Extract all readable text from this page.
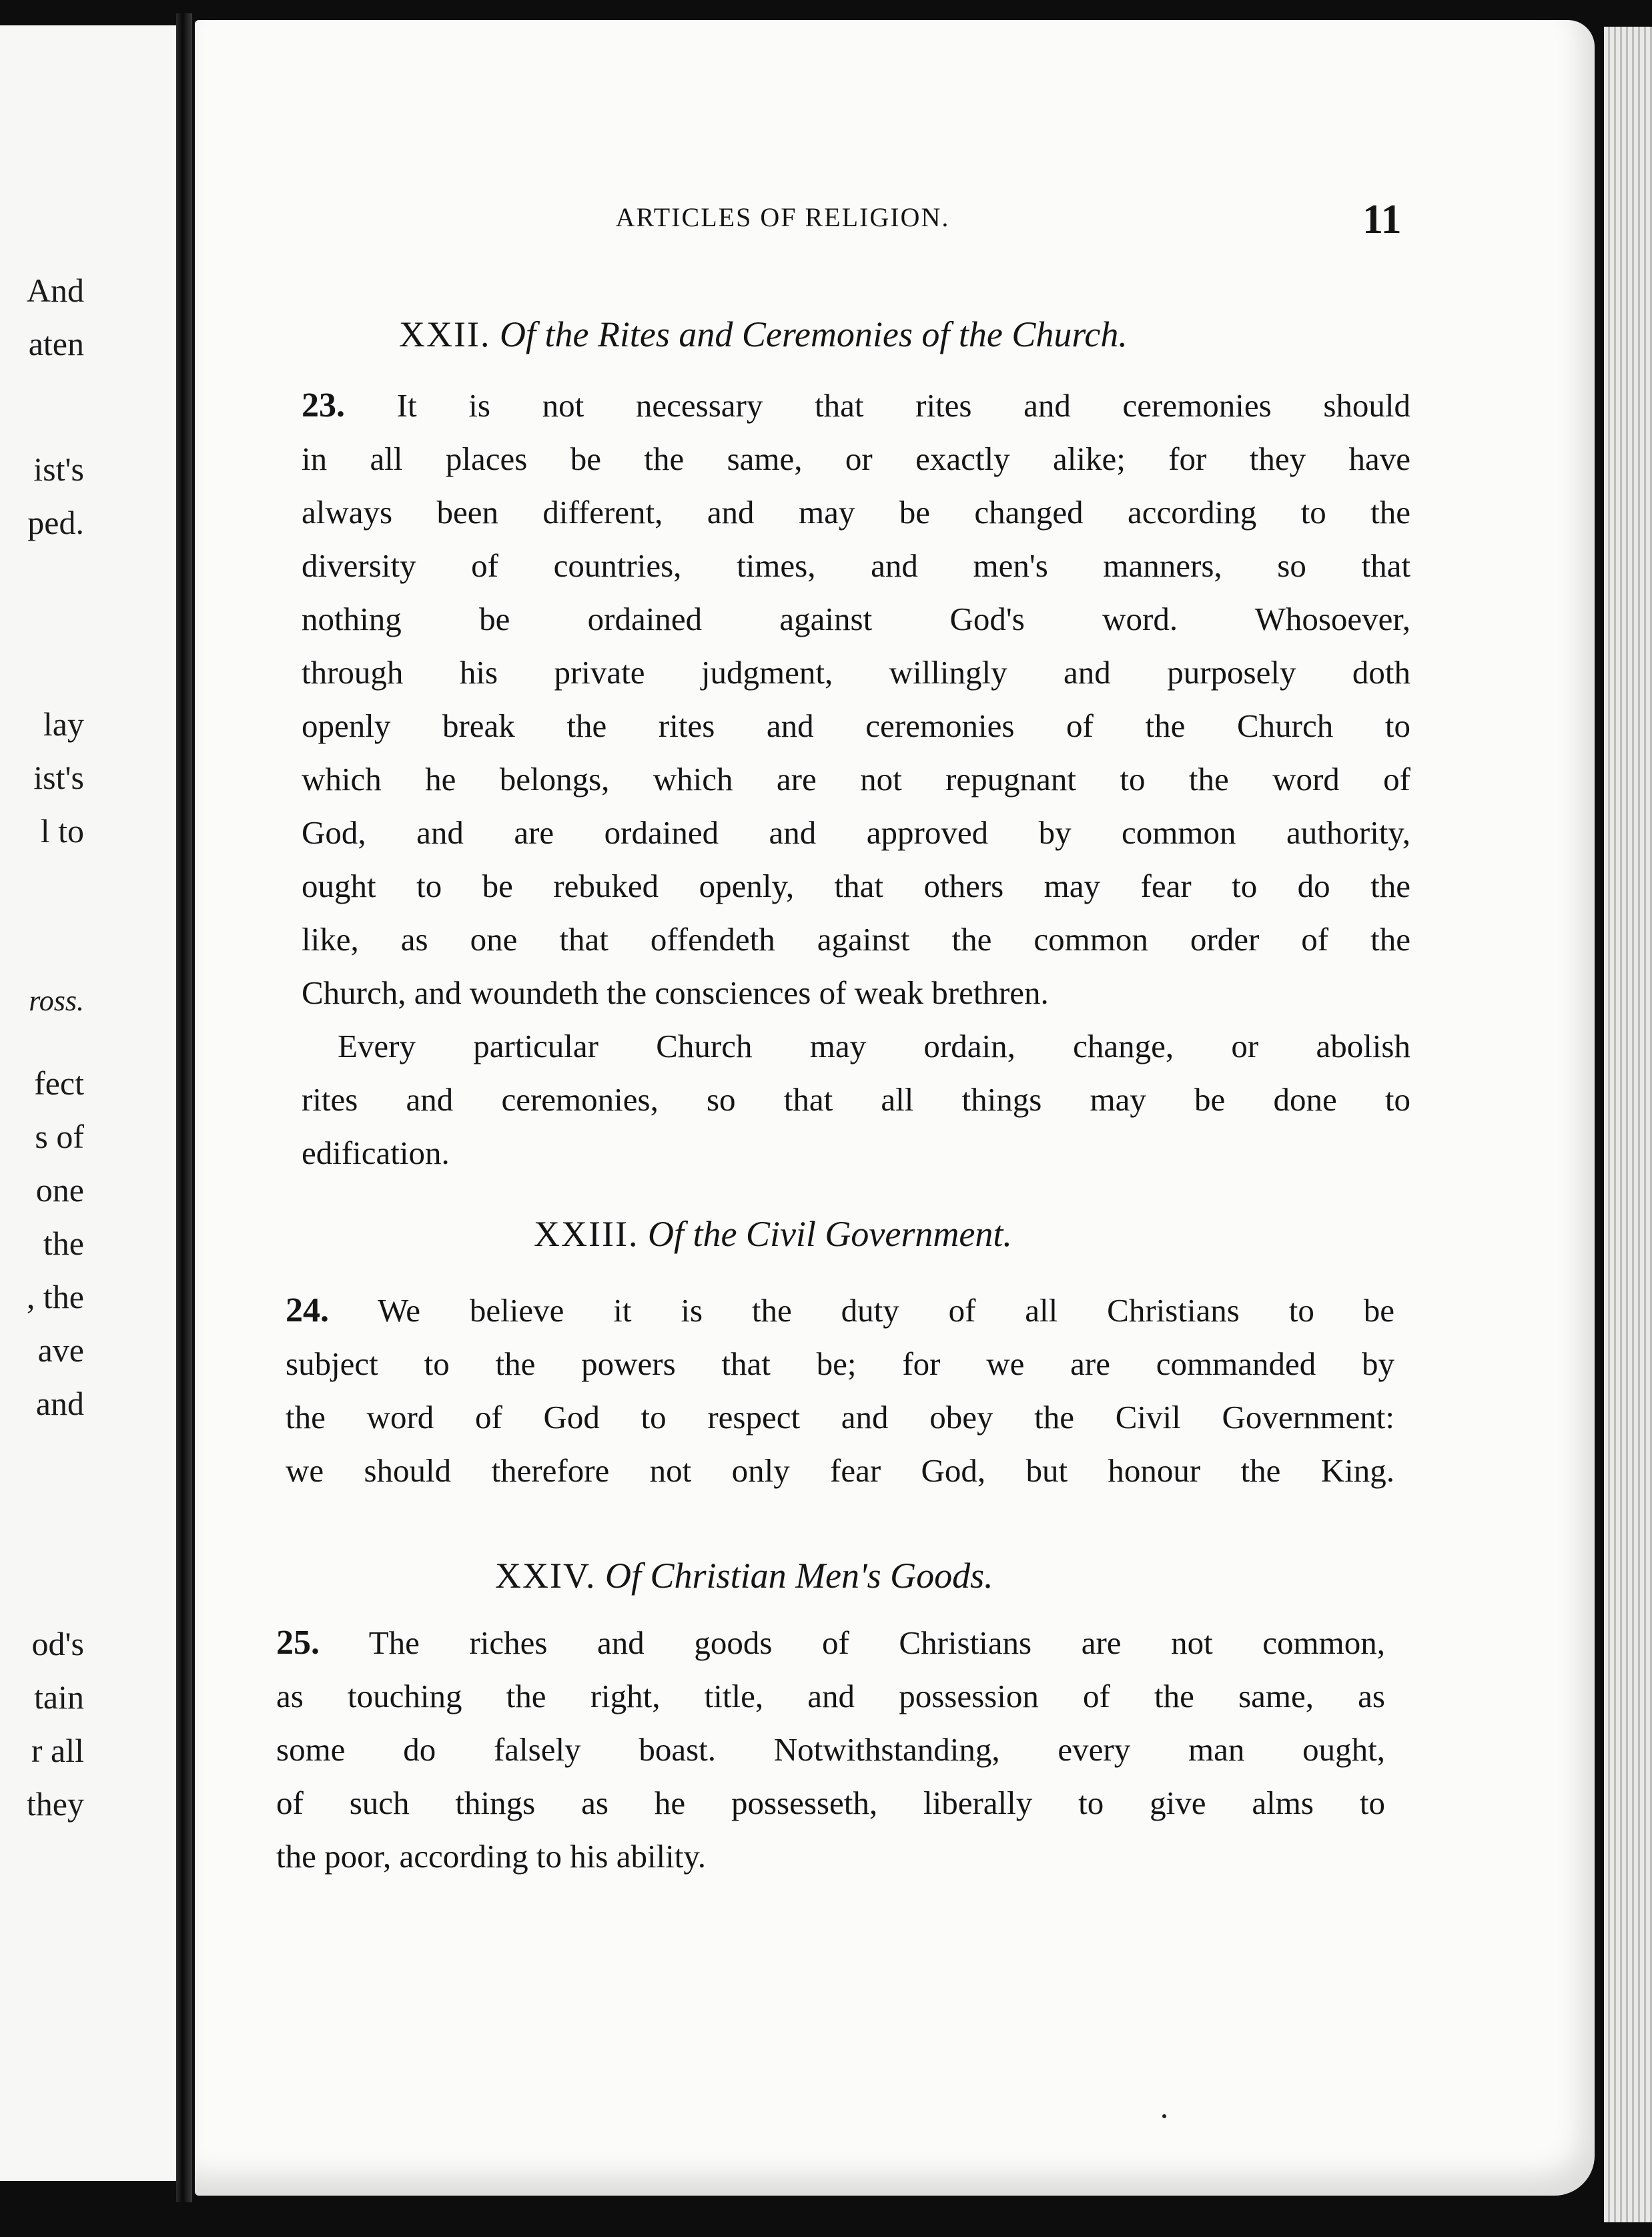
And
aten
ist's
ped.
lay
ist's
l to
ross.
fect
s of
one
the
, the
ave
and
od's
tain
r all
they
ARTICLES OF RELIGION.	11
XXII. Of the Rites and Ceremonies of the Church.
23. It is not necessary that rites and ceremonies should
in all places be the same, or exactly alike; for they have
always been different, and may be changed according to the
diversity of countries, times, and men's manners, so that
nothing be ordained against God's word. Whosoever,
through his private judgment, willingly and purposely doth
openly break the rites and ceremonies of the Church to
which he belongs, which are not repugnant to the word of
God, and are ordained and approved by common authority,
ought to be rebuked openly, that others may fear to do the
like, as one that offendeth against the common order of the
Church, and woundeth the consciences of weak brethren.
Every particular Church may ordain, change, or abolish
rites and ceremonies, so that all things may be done to
edification.
XXIII. Of the Civil Government.
24. We believe it is the duty of all Christians to be
subject to the powers that be; for we are commanded by
the word of God to respect and obey the Civil Government:
we should therefore not only fear God, but honour the King.
XXIV. Of Christian Men's Goods.
25. The riches and goods of Christians are not common,
as touching the right, title, and possession of the same, as
some do falsely boast. Notwithstanding, every man ought,
of such things as he possesseth, liberally to give alms to
the poor, according to his ability.
